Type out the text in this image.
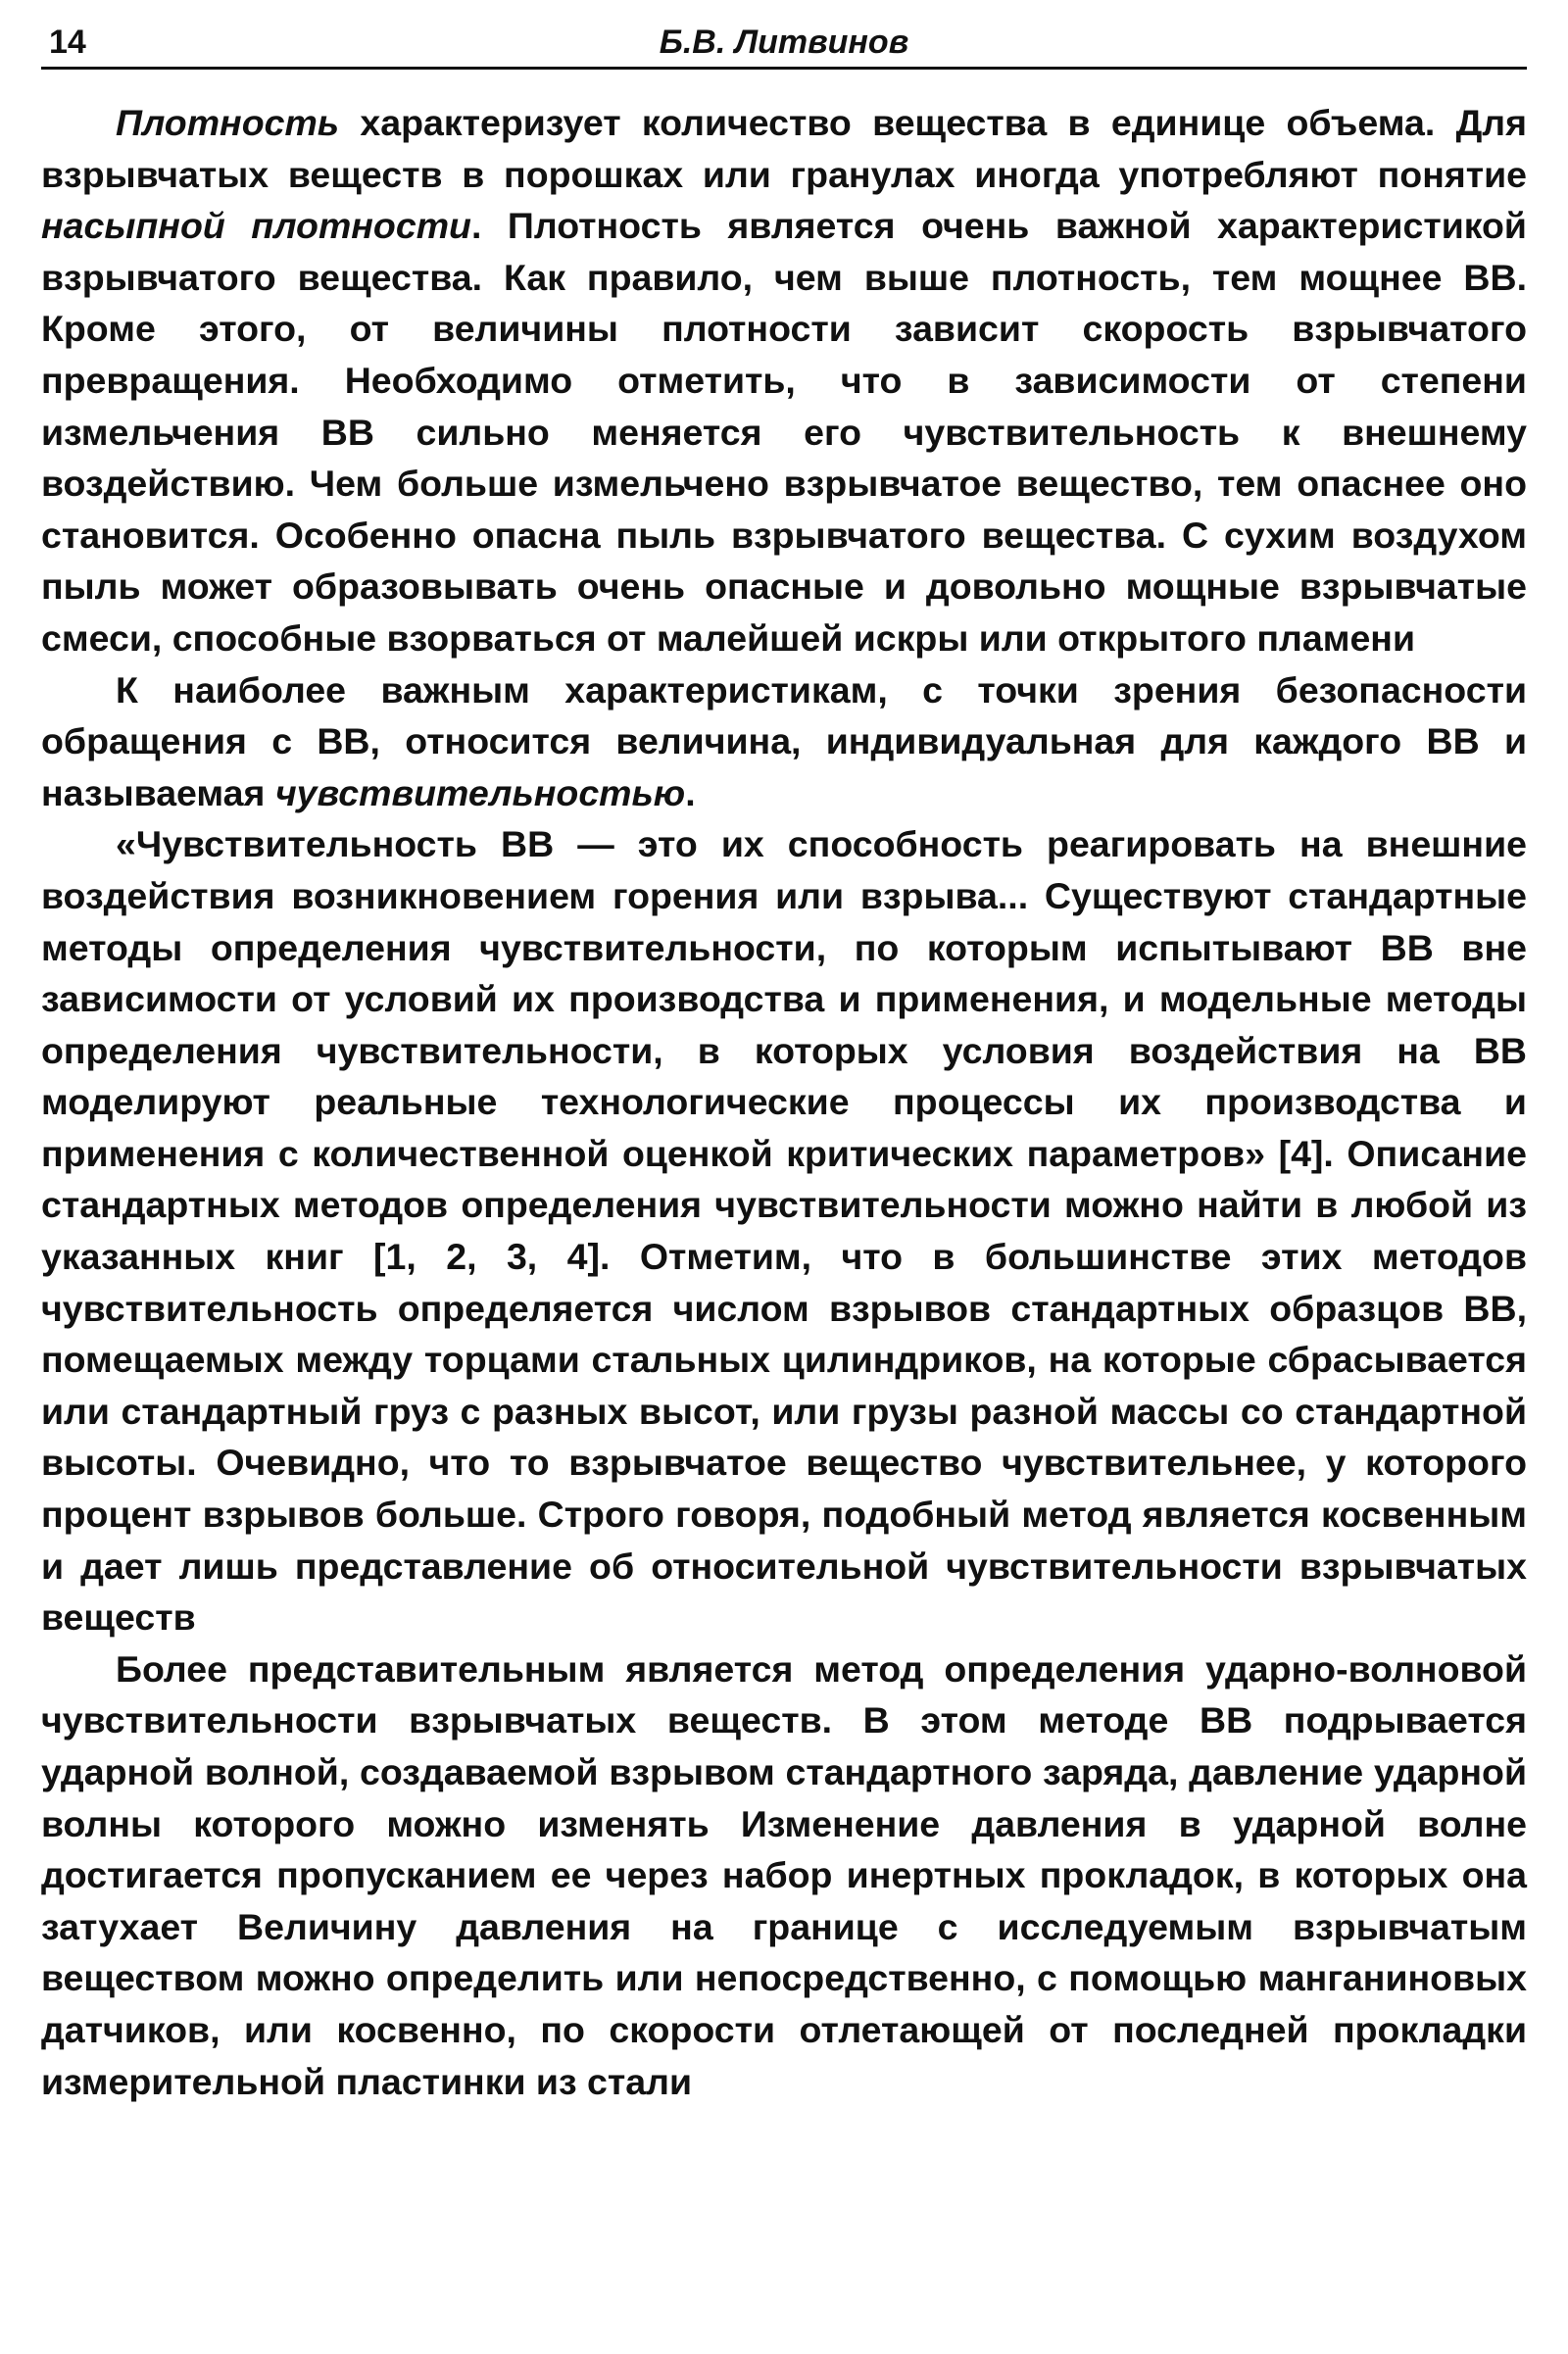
14	Б.В. Литвинов

Плотность характеризует количество вещества в единице объема. Для взрывчатых веществ в порошках или гранулах иногда употребляют понятие насыпной плотности. Плотность является очень важной характеристикой взрывчатого вещества. Как правило, чем выше плотность, тем мощнее ВВ. Кроме этого, от величины плотности зависит скорость взрывчатого превращения. Необходимо отметить, что в зависимости от степени измельчения ВВ сильно меняется его чувствительность к внешнему воздействию. Чем больше измельчено взрывчатое вещество, тем опаснее оно становится. Особенно опасна пыль взрывчатого вещества. С сухим воздухом пыль может образовывать очень опасные и довольно мощные взрывчатые смеси, способные взорваться от малейшей искры или открытого пламени

К наиболее важным характеристикам, с точки зрения безопасности обращения с ВВ, относится величина, индивидуальная для каждого ВВ и называемая чувствительностью.

«Чувствительность ВВ — это их способность реагировать на внешние воздействия возникновением горения или взрыва... Существуют стандартные методы определения чувствительности, по которым испытывают ВВ вне зависимости от условий их производства и применения, и модельные методы определения чувствительности, в которых условия воздействия на ВВ моделируют реальные технологические процессы их производства и применения с количественной оценкой критических параметров» [4]. Описание стандартных методов определения чувствительности можно найти в любой из указанных книг [1, 2, 3, 4]. Отметим, что в большинстве этих методов чувствительность определяется числом взрывов стандартных образцов ВВ, помещаемых между торцами стальных цилиндриков, на которые сбрасывается или стандартный груз с разных высот, или грузы разной массы со стандартной высоты. Очевидно, что то взрывчатое вещество чувствительнее, у которого процент взрывов больше. Строго говоря, подобный метод является косвенным и дает лишь представление об относительной чувствительности взрывчатых веществ

Более представительным является метод определения ударно-волновой чувствительности взрывчатых веществ. В этом методе ВВ подрывается ударной волной, создаваемой взрывом стандартного заряда, давление ударной волны которого можно изменять Изменение давления в ударной волне достигается пропусканием ее через набор инертных прокладок, в которых она затухает Величину давления на границе с исследуемым взрывчатым веществом можно определить или непосредственно, с помощью манганиновых датчиков, или косвенно, по скорости отлетающей от последней прокладки измерительной пластинки из стали
